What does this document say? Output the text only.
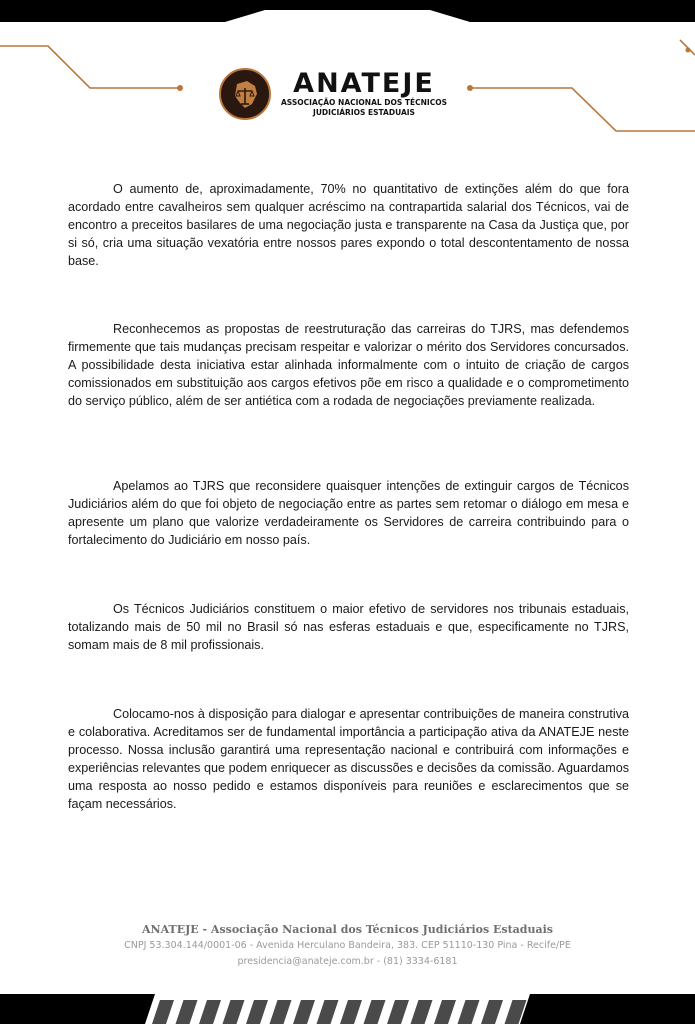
ANATEJE
ASSOCIAÇÃO NACIONAL DOS TÉCNICOS JUDICIÁRIOS ESTADUAIS

O aumento de, aproximadamente, 70% no quantitativo de extinções além do que fora acordado entre cavalheiros sem qualquer acréscimo na contrapartida salarial dos Técnicos, vai de encontro a preceitos basilares de uma negociação justa e transparente na Casa da Justiça que, por si só, cria uma situação vexatória entre nossos pares expondo o total descontentamento de nossa base.

Reconhecemos as propostas de reestruturação das carreiras do TJRS, mas defendemos firmemente que tais mudanças precisam respeitar e valorizar o mérito dos Servidores concursados. A possibilidade desta iniciativa estar alinhada informalmente com o intuito de criação de cargos comissionados em substituição aos cargos efetivos põe em risco a qualidade e o comprometimento do serviço público, além de ser antiética com a rodada de negociações previamente realizada.

Apelamos ao TJRS que reconsidere quaisquer intenções de extinguir cargos de Técnicos Judiciários além do que foi objeto de negociação entre as partes sem retomar o diálogo em mesa e apresente um plano que valorize verdadeiramente os Servidores de carreira contribuindo para o fortalecimento do Judiciário em nosso país.

Os Técnicos Judiciários constituem o maior efetivo de servidores nos tribunais estaduais, totalizando mais de 50 mil no Brasil só nas esferas estaduais e que, especificamente no TJRS, somam mais de 8 mil profissionais.

Colocamo-nos à disposição para dialogar e apresentar contribuições de maneira construtiva e colaborativa. Acreditamos ser de fundamental importância a participação ativa da ANATEJE neste processo. Nossa inclusão garantirá uma representação nacional e contribuirá com informações e experiências relevantes que podem enriquecer as discussões e decisões da comissão. Aguardamos uma resposta ao nosso pedido e estamos disponíveis para reuniões e esclarecimentos que se façam necessários.

ANATEJE - Associação Nacional dos Técnicos Judiciários Estaduais
CNPJ 53.304.144/0001-06 - Avenida Herculano Bandeira, 383. CEP 51110-130 Pina - Recife/PE
presidencia@anateje.com.br - (81) 3334-6181
